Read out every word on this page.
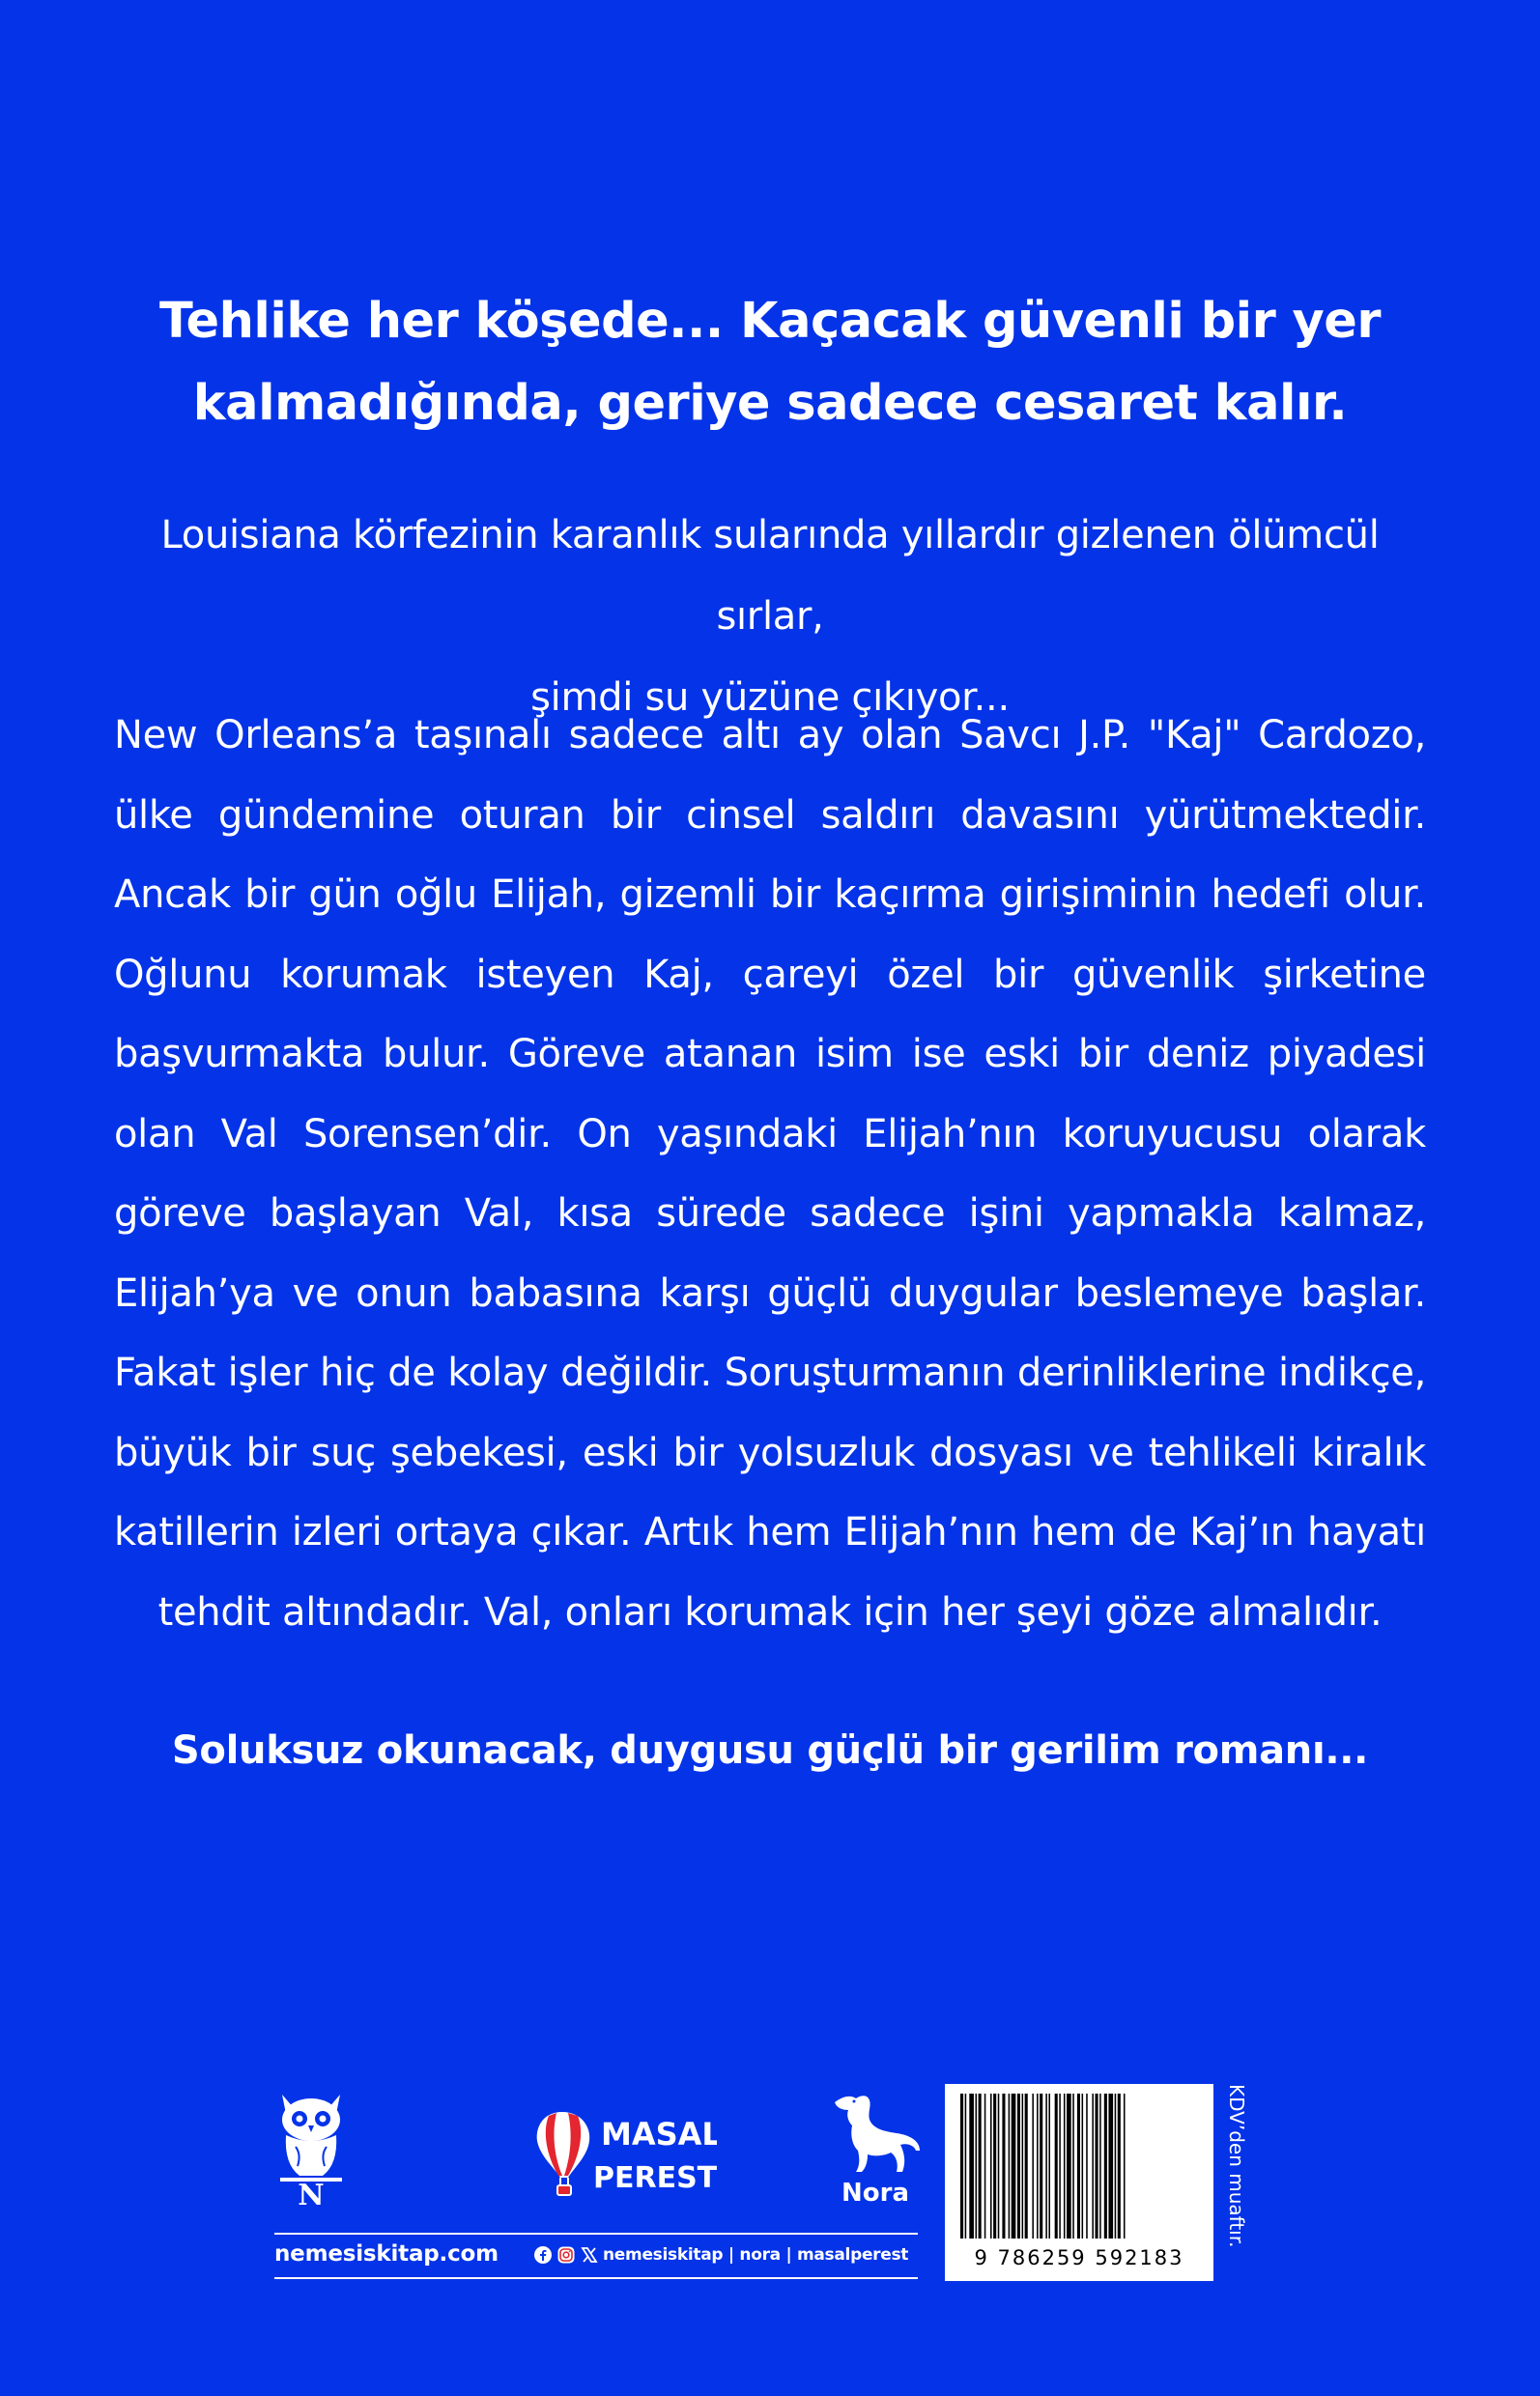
Tehlike her köşede... Kaçacak güvenli bir yer
kalmadığında, geriye sadece cesaret kalır.
Louisiana körfezinin karanlık sularında yıllardır gizlenen ölümcül sırlar,
şimdi su yüzüne çıkıyor...

New Orleans’a taşınalı sadece altı ay olan Savcı J.P. "Kaj" Cardozo, ülke gündemine oturan bir cinsel saldırı davasını yürütmektedir. Ancak bir gün oğlu Elijah, gizemli bir kaçırma girişiminin hedefi olur. Oğlunu korumak isteyen Kaj, çareyi özel bir güvenlik şirketine başvurmakta bulur. Göreve atanan isim ise eski bir deniz piyadesi olan Val Sorensen’dir. On yaşındaki Elijah’nın koruyucusu olarak göreve başlayan Val, kısa sürede sadece işini yapmakla kalmaz, Elijah’ya ve onun babasına karşı güçlü duygular beslemeye başlar. Fakat işler hiç de kolay değildir. Soruşturmanın derinliklerine indikçe, büyük bir suç şebekesi, eski bir yolsuzluk dosyası ve tehlikeli kiralık katillerin izleri ortaya çıkar. Artık hem Elijah’nın hem de Kaj’ın hayatı tehdit altındadır. Val, onları korumak için her şeyi göze almalıdır.

Soluksuz okunacak, duygusu güçlü bir gerilim romanı...
N
MASAL
PEREST	Nora
nemesiskitap.com	nemesiskitap | nora | masalperest	9 786259 592183
KDV’den muaftır.
